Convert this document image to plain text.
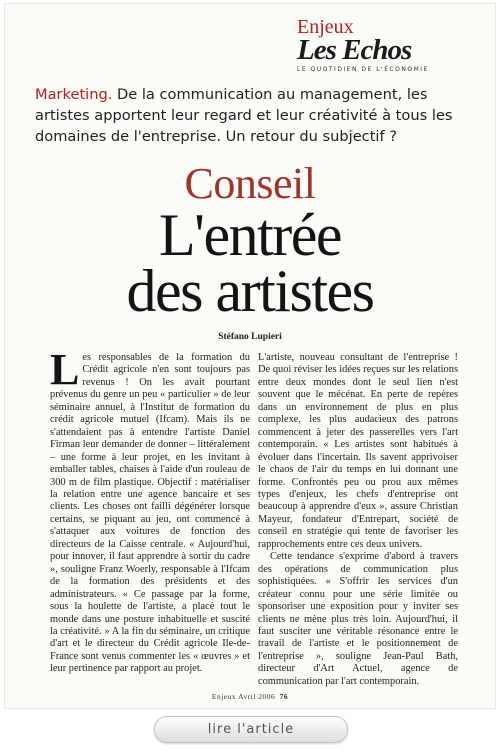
Enjeux
Les Echos
LE QUOTIDIEN DE L'ÉCONOMIE
Marketing. De la communication au management, les artistes apportent leur regard et leur créativité à tous les domaines de l'entreprise. Un retour du subjectif ?
Conseil
L'entrée
des artistes
Stéfano Lupieri

Les responsables de la formation du Crédit agricole n'en sont toujours pas revenus ! On les avait pourtant prévenus du genre un peu « particulier » de leur séminaire annuel, à l'Institut de formation du crédit agricole mutuel (Ifcam). Mais ils ne s'attendaient pas à entendre l'artiste Daniel Firman leur demander de donner – littéralement – une forme à leur projet, en les invitant à emballer tables, chaises à l'aide d'un rouleau de 300 m de film plastique. Objectif : matérialiser la relation entre une agence bancaire et ses clients. Les choses ont failli dégénérer lorsque certains, se piquant au jeu, ont commencé à s'attaquer aux voitures de fonction des directeurs de la Caisse centrale. « Aujourd'hui, pour innover, il faut apprendre à sortir du cadre », souligne Franz Woerly, responsable à l'Ifcam de la formation des présidents et des administrateurs. « Ce passage par la forme, sous la houlette de l'artiste, a placé tout le monde dans une posture inhabituelle et suscité la créativité. » A la fin du séminaire, un critique d'art et le directeur du Crédit agricole Ile-de-France sont venus commenter les « œuvres » et leur pertinence par rapport au projet.

L'artiste, nouveau consultant de l'entreprise ! De quoi réviser les idées reçues sur les relations entre deux mondes dont le seul lien n'est souvent que le mécénat. En perte de repères dans un environnement de plus en plus complexe, les plus audacieux des patrons commencent à jeter des passerelles vers l'art contemporain. « Les artistes sont habitués à évoluer dans l'incertain. Ils savent apprivoiser le chaos de l'air du temps en lui donnant une forme. Confrontés peu ou prou aux mêmes types d'enjeux, les chefs d'entreprise ont beaucoup à apprendre d'eux », assure Christian Mayeur, fondateur d'Entrepart, société de conseil en stratégie qui tente de favoriser les rapprochements entre ces deux univers.

Cette tendance s'exprime d'abord à travers des opérations de communication plus sophistiquées. « S'offrir les services d'un créateur connu pour une série limitée ou sponsoriser une exposition pour y inviter ses clients ne mène plus très loin. Aujourd'hui, il faut susciter une véritable résonance entre le travail de l'artiste et le positionnement de l'entreprise », souligne Jean-Paul Bath, directeur d'Art Actuel, agence de communication par l'art contemporain.

Enjeux Avril 2006 76
lire l'article
